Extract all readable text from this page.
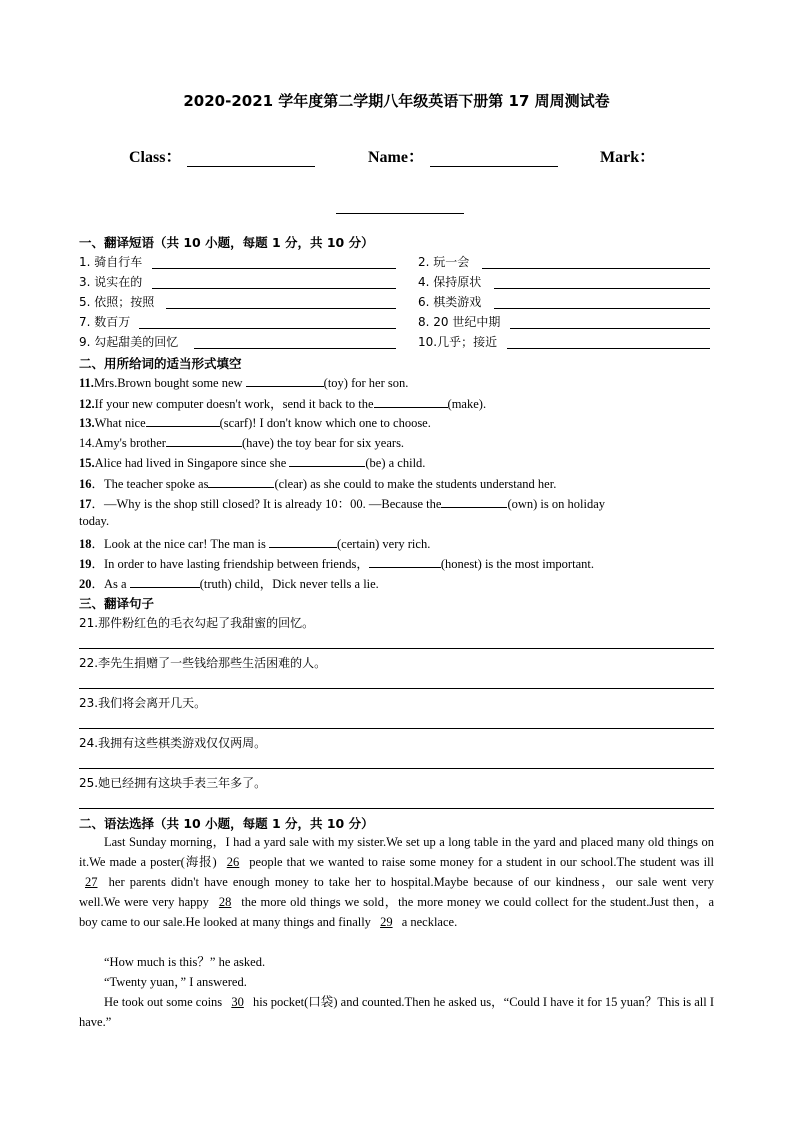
2020-2021 学年度第二学期八年级英语下册第 17 周周测试卷
Class：	Name：	Mark：
一、翻译短语（共 10 小题，每题 1 分，共 10 分）
1. 骑自行车	2. 玩一会
3. 说实在的	4. 保持原状
5. 依照；按照	6. 棋类游戏
7. 数百万	8. 20 世纪中期
9. 勾起甜美的回忆	10.几乎；接近
二、用所给词的适当形式填空
11.Mrs.Brown bought some new	(toy) for her son.
12.If your new computer doesn't work，send it back to the	(make).
13.What nice	(scarf)! I don't know which one to choose.
14.Amy's brother	(have) the toy bear for six years.
15.Alice had lived in Singapore since she	(be) a child.
16．The teacher spoke as	(clear) as she could to make the students understand her.
17．—Why is the shop still closed? It is already 10：00. —Because the	(own) is on holiday
today.
18．Look at the nice car! The man is	(certain) very rich.
19．In order to have lasting friendship between friends，	(honest) is the most important.
20．As a	(truth) child，Dick never tells a lie.
三、翻译句子
21.那件粉红色的毛衣勾起了我甜蜜的回忆。
22.李先生捐赠了一些钱给那些生活困难的人。
23.我们将会离开几天。
24.我拥有这些棋类游戏仅仅两周。
25.她已经拥有这块手表三年多了。
二、语法选择（共 10 小题，每题 1 分，共 10 分）
Last Sunday morning，I had a yard sale with my sister.We set up a long table in the yard and placed many old things on it.We made a poster(海报) 26 people that we wanted to raise some money for a student in our school.The student was ill 27 her parents didn't have enough money to take her to hospital.Maybe because of our kindness，our sale went very well.We were very happy 28 the more old things we sold，the more money we could collect for the student.Just then，a boy came to our sale.He looked at many things and finally 29 a necklace.
“How much is this？” he asked.
“Twenty yuan，” I answered.
He took out some coins 30 his pocket(口袋) and counted.Then he asked us，“Could I have it for 15 yuan？This is all I have.”
